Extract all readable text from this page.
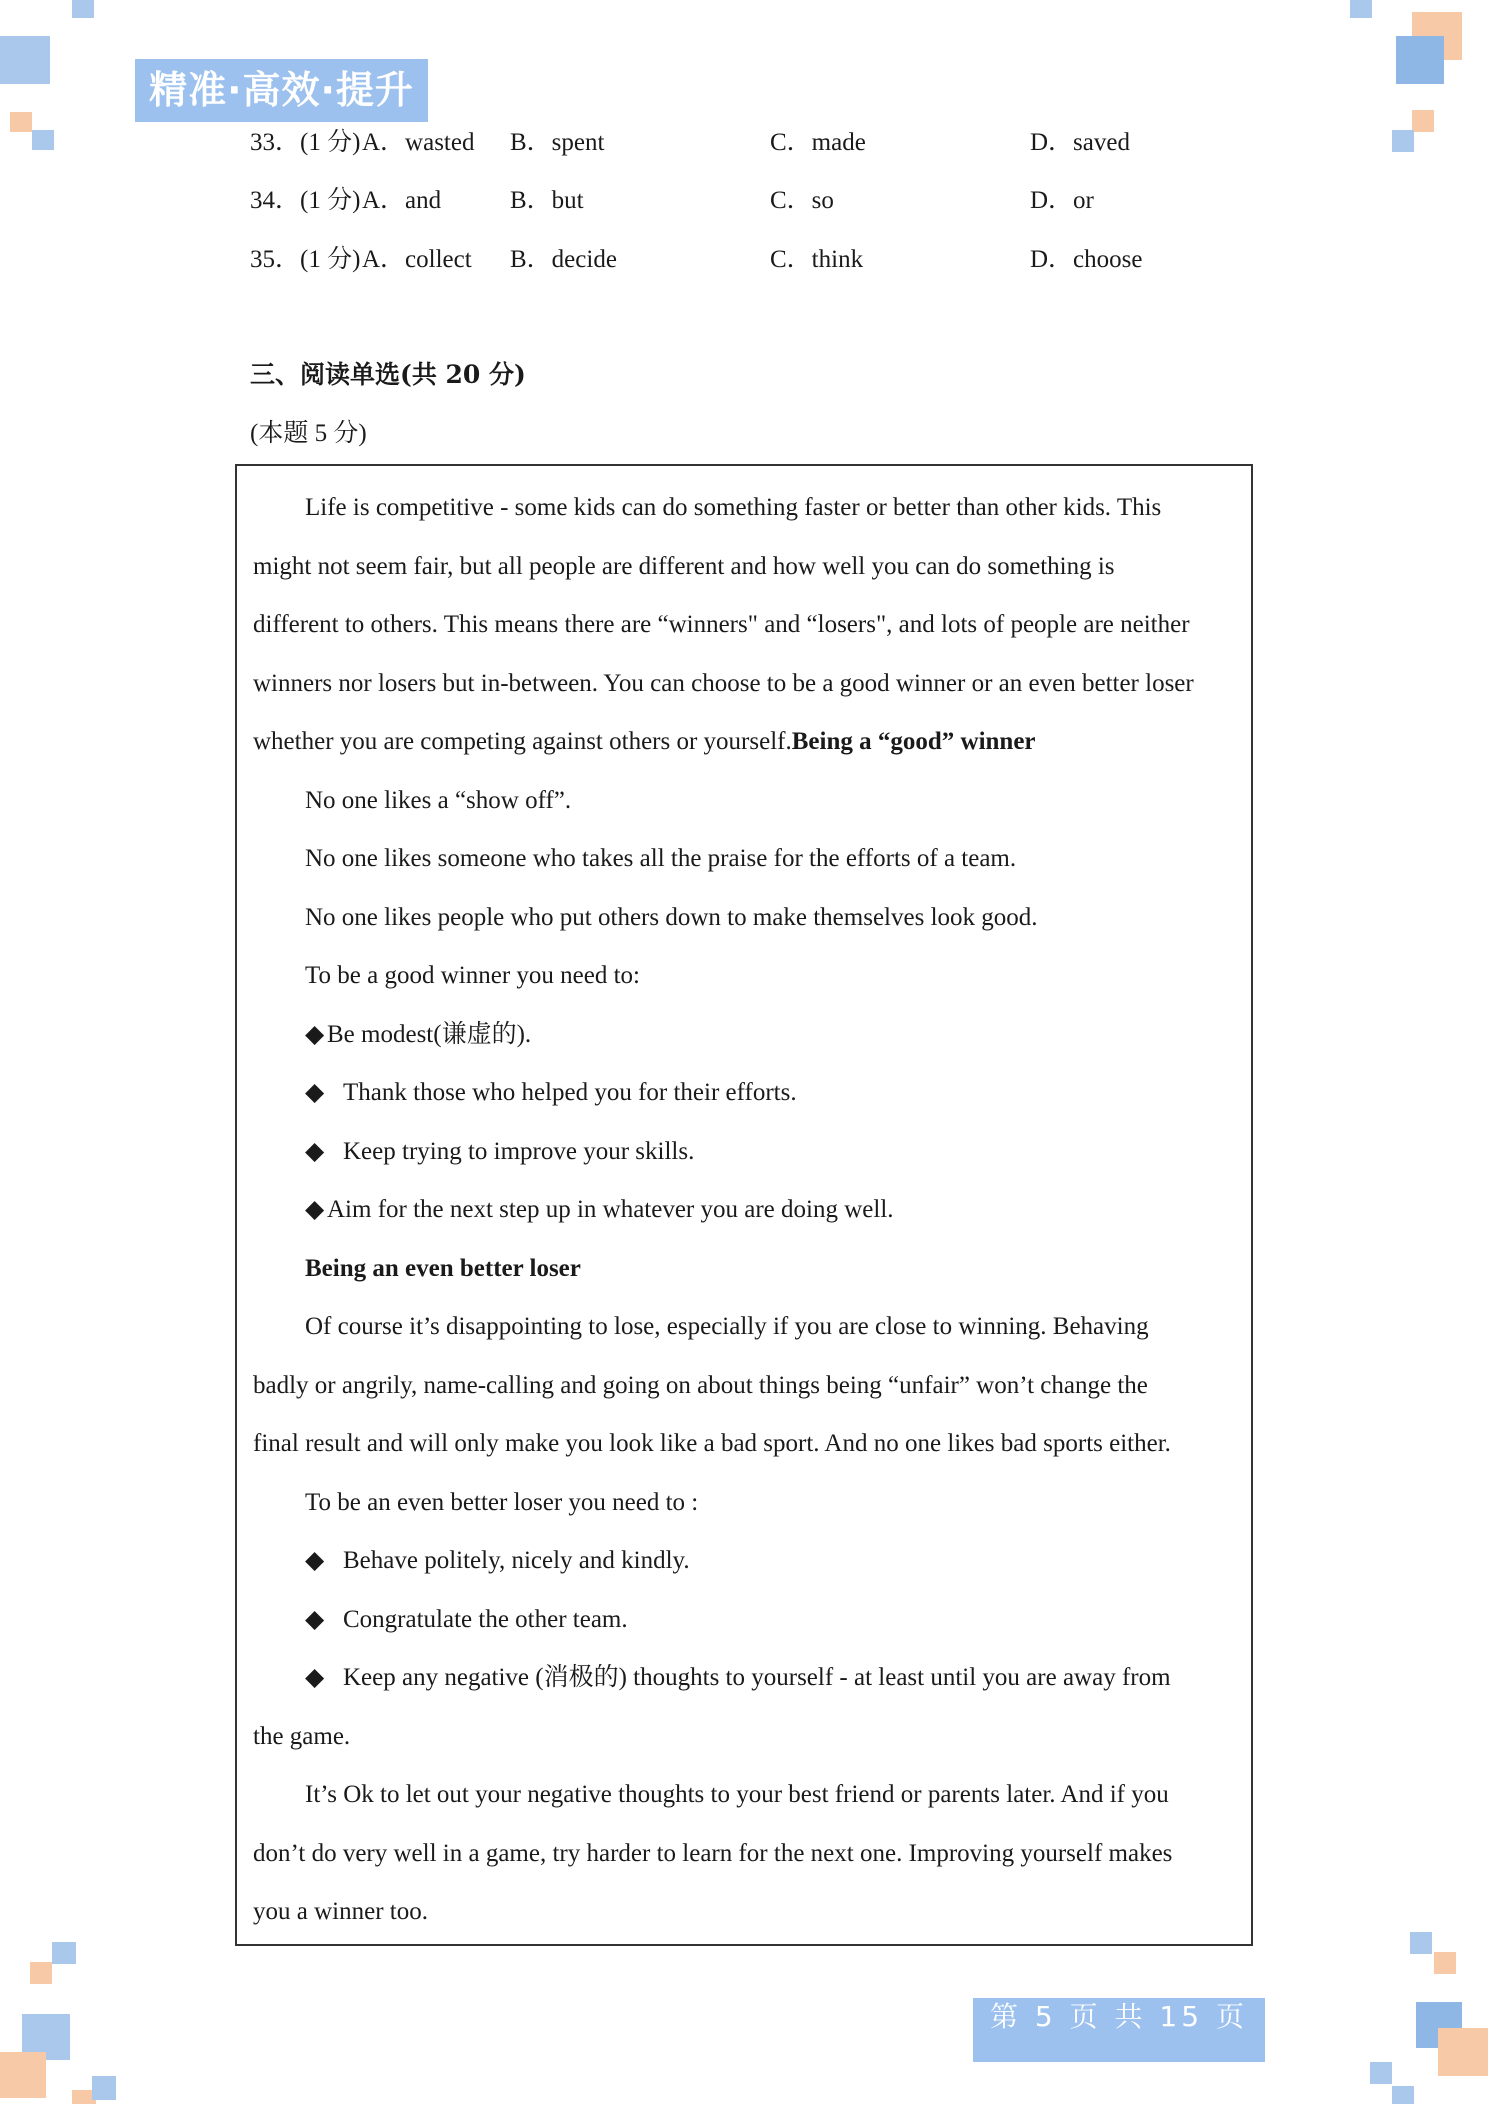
精准·高效·提升
33．(1 分) A．wasted B．spent	C．made	D．saved
34．(1 分) A．and	B．but	C．so	D．or
35．(1 分) A．collect B．decide	C．think	D．choose
三、阅读单选(共 20 分)
(本题 5 分)
Life is competitive - some kids can do something faster or better than other kids. This
might not seem fair, but all people are different and how well you can do something is
different to others. This means there are “winners" and “losers", and lots of people are neither
winners nor losers but in-between. You can choose to be a good winner or an even better loser
whether you are competing against others or yourself.Being a “good” winner
No one likes a “show off”.
No one likes someone who takes all the praise for the efforts of a team.
No one likes people who put others down to make themselves look good.
To be a good winner you need to:
◆ Be modest(谦虚的).
◆ Thank those who helped you for their efforts.
◆ Keep trying to improve your skills.
◆ Aim for the next step up in whatever you are doing well.
Being an even better loser
Of course it’s disappointing to lose, especially if you are close to winning. Behaving
badly or angrily, name-calling and going on about things being “unfair” won’t change the
final result and will only make you look like a bad sport. And no one likes bad sports either.
To be an even better loser you need to :
◆ Behave politely, nicely and kindly.
◆ Congratulate the other team.
◆ Keep any negative (消极的) thoughts to yourself - at least until you are away from
the game.
It’s Ok to let out your negative thoughts to your best friend or parents later. And if you
don’t do very well in a game, try harder to learn for the next one. Improving yourself makes
you a winner too.
第 5 页 共 15 页
